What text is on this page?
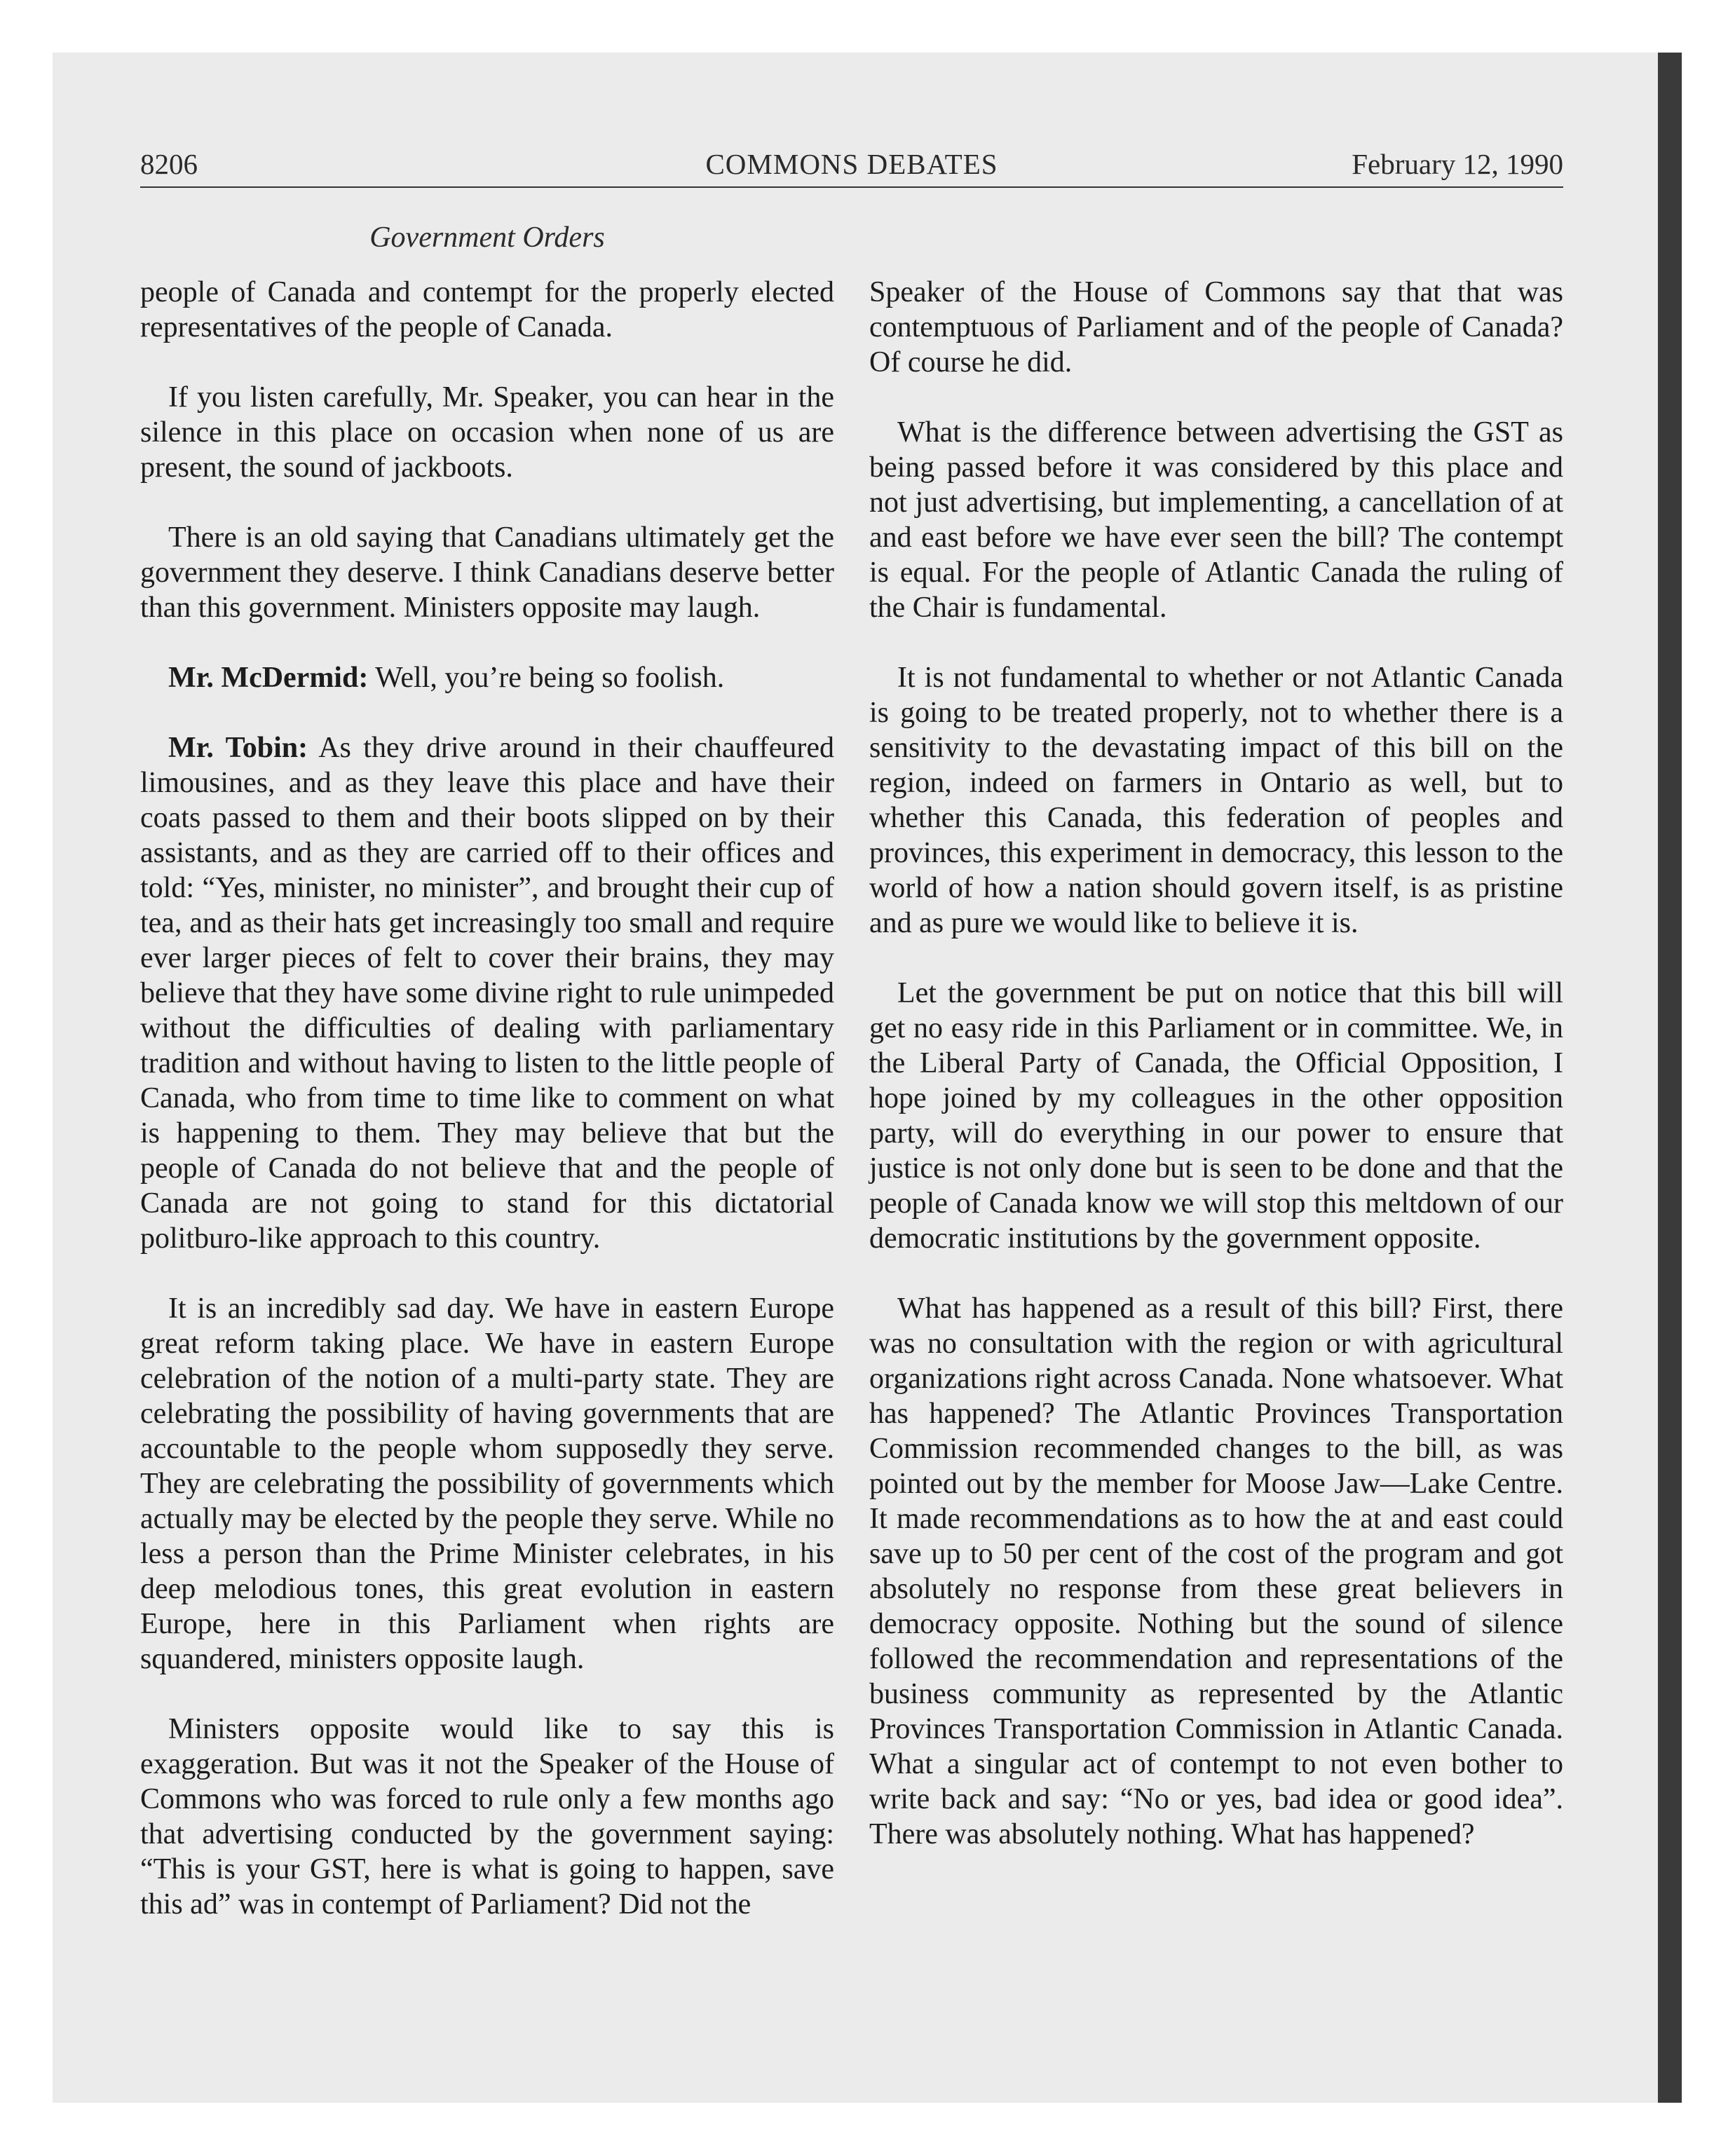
COMMONS DEBATES
8206	February 12, 1990
Government Orders

people of Canada and contempt for the properly elected representatives of the people of Canada.

If you listen carefully, Mr. Speaker, you can hear in the silence in this place on occasion when none of us are present, the sound of jackboots.

There is an old saying that Canadians ultimately get the government they deserve. I think Canadians deserve better than this government. Ministers opposite may laugh.

Mr. McDermid: Well, you’re being so foolish.

Mr. Tobin: As they drive around in their chauffeured limousines, and as they leave this place and have their coats passed to them and their boots slipped on by their assistants, and as they are carried off to their offices and told: “Yes, minister, no minister”, and brought their cup of tea, and as their hats get increasingly too small and require ever larger pieces of felt to cover their brains, they may believe that they have some divine right to rule unimpeded without the difficulties of dealing with parliamentary tradition and without having to listen to the little people of Canada, who from time to time like to comment on what is happening to them. They may believe that but the people of Canada do not believe that and the people of Canada are not going to stand for this dictatorial politburo-like approach to this country.

It is an incredibly sad day. We have in eastern Europe great reform taking place. We have in eastern Europe celebration of the notion of a multi-party state. They are celebrating the possibility of having governments that are accountable to the people whom supposedly they serve. They are celebrating the possibility of governments which actually may be elected by the people they serve. While no less a person than the Prime Minister celebrates, in his deep melodious tones, this great evolution in eastern Europe, here in this Parliament when rights are squandered, ministers opposite laugh.

Ministers opposite would like to say this is exaggeration. But was it not the Speaker of the House of Commons who was forced to rule only a few months ago that advertising conducted by the government saying: “This is your GST, here is what is going to happen, save this ad” was in contempt of Parliament? Did not the

Speaker of the House of Commons say that that was contemptuous of Parliament and of the people of Canada? Of course he did.

What is the difference between advertising the GST as being passed before it was considered by this place and not just advertising, but implementing, a cancellation of at and east before we have ever seen the bill? The contempt is equal. For the people of Atlantic Canada the ruling of the Chair is fundamental.

It is not fundamental to whether or not Atlantic Canada is going to be treated properly, not to whether there is a sensitivity to the devastating impact of this bill on the region, indeed on farmers in Ontario as well, but to whether this Canada, this federation of peoples and provinces, this experiment in democracy, this lesson to the world of how a nation should govern itself, is as pristine and as pure we would like to believe it is.

Let the government be put on notice that this bill will get no easy ride in this Parliament or in committee. We, in the Liberal Party of Canada, the Official Opposition, I hope joined by my colleagues in the other opposition party, will do everything in our power to ensure that justice is not only done but is seen to be done and that the people of Canada know we will stop this meltdown of our democratic institutions by the government opposite.

What has happened as a result of this bill? First, there was no consultation with the region or with agricultural organizations right across Canada. None whatsoever. What has happened? The Atlantic Provinces Transportation Commission recommended changes to the bill, as was pointed out by the member for Moose Jaw—Lake Centre. It made recommendations as to how the at and east could save up to 50 per cent of the cost of the program and got absolutely no response from these great believers in democracy opposite. Nothing but the sound of silence followed the recommendation and representations of the business community as represented by the Atlantic Provinces Transportation Commission in Atlantic Canada. What a singular act of contempt to not even bother to write back and say: “No or yes, bad idea or good idea”. There was absolutely nothing. What has happened?
